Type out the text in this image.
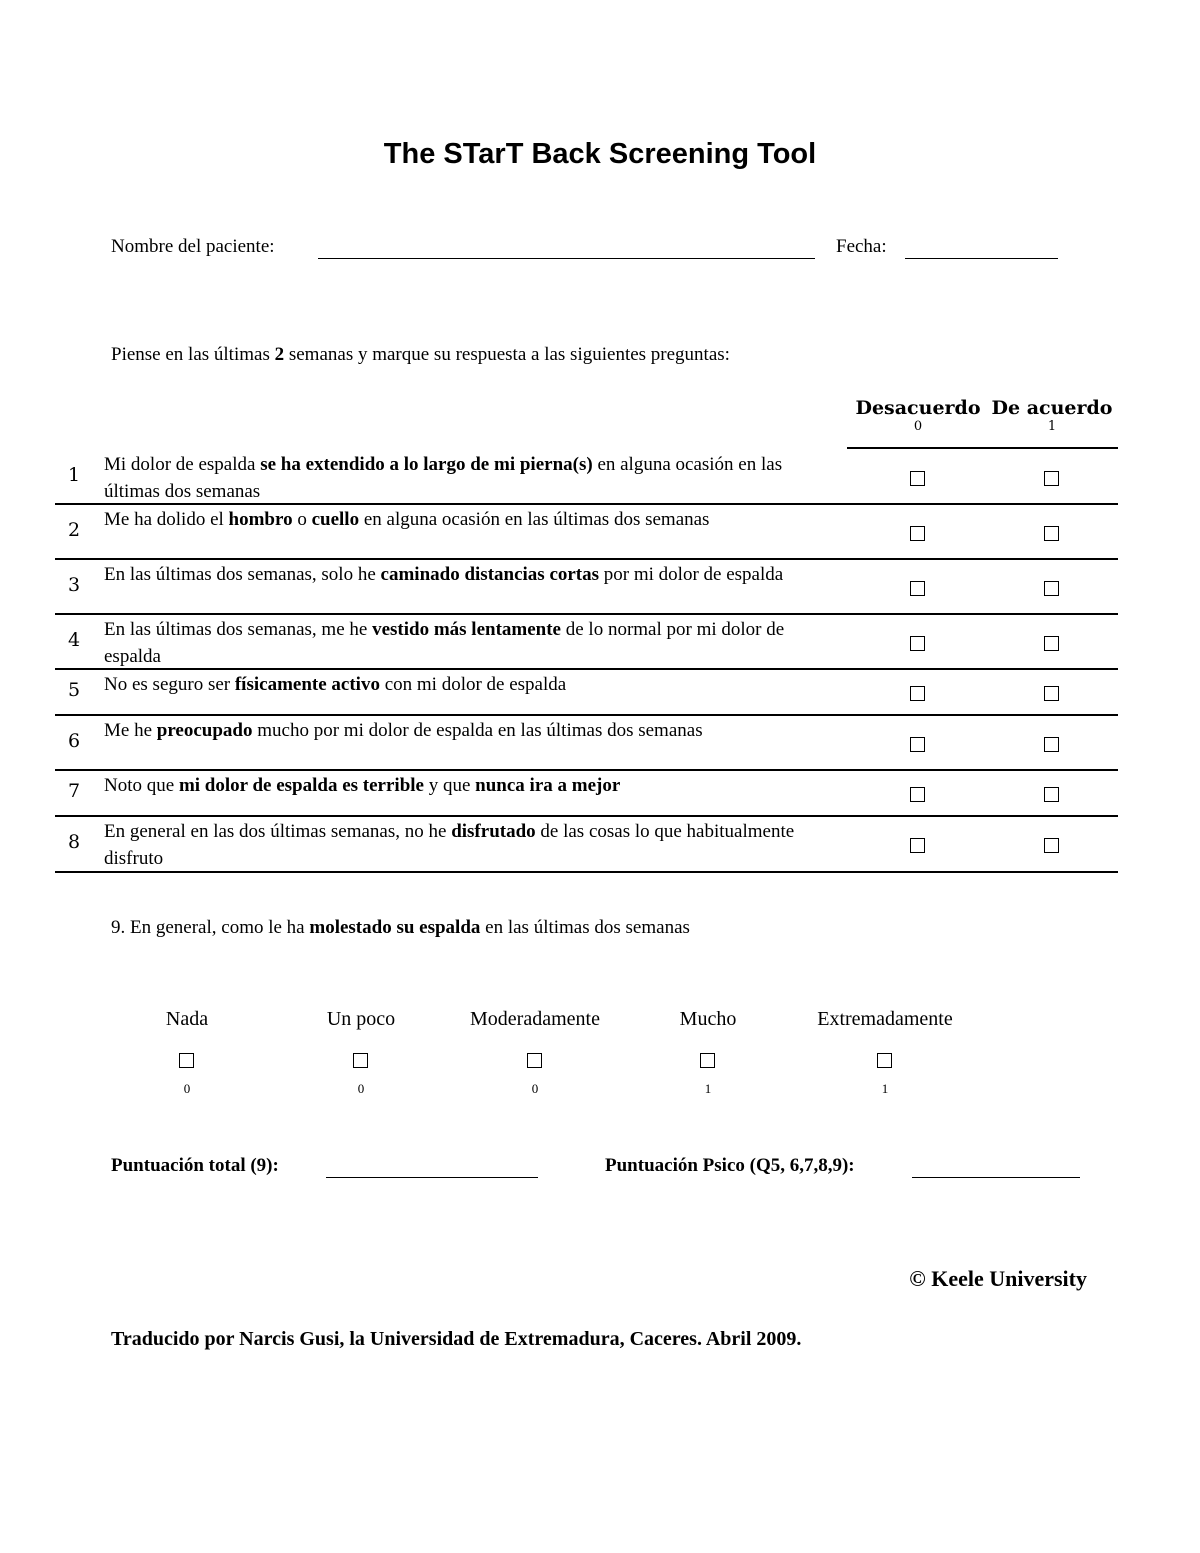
The STarT Back Screening Tool
Nombre del paciente:	Fecha:
Piense en las últimas 2 semanas y marque su respuesta a las siguientes preguntas:
Desacuerdo
0
De acuerdo
1
1 Mi dolor de espalda se ha extendido a lo largo de mi pierna(s) en alguna ocasión en las últimas dos semanas
2 Me ha dolido el hombro o cuello en alguna ocasión en las últimas dos semanas
3 En las últimas dos semanas, solo he caminado distancias cortas por mi dolor de espalda
4 En las últimas dos semanas, me he vestido más lentamente de lo normal por mi dolor de espalda
5 No es seguro ser físicamente activo con mi dolor de espalda
6 Me he preocupado mucho por mi dolor de espalda en las últimas dos semanas
7 Noto que mi dolor de espalda es terrible y que nunca ira a mejor
8 En general en las dos últimas semanas, no he disfrutado de las cosas lo que habitualmente disfruto
9. En general, como le ha molestado su espalda en las últimas dos semanas
Nada
0
Un poco
0
Moderadamente
0
Mucho
1
Extremadamente
1
Puntuación total (9):	Puntuación Psico (Q5, 6,7,8,9):
© Keele University
Traducido por Narcis Gusi, la Universidad de Extremadura, Caceres. Abril 2009.
